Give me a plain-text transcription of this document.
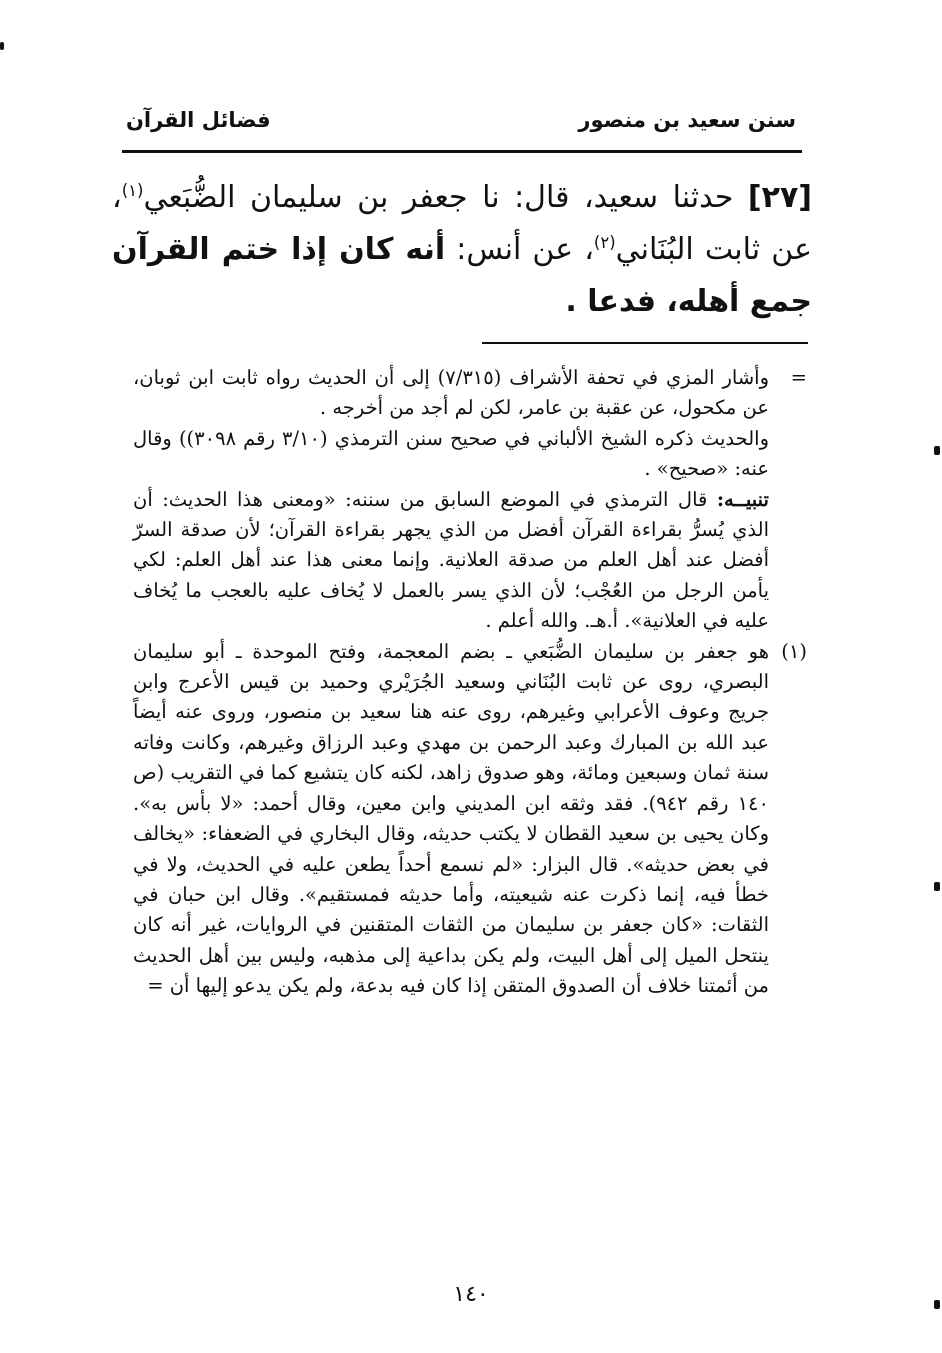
سنن سعيد بن منصور
فضائل القرآن
[٢٧] حدثنا سعيد، قال: نا جعفر بن سليمان الضُّبَعي$^{(١)}$، عن ثابت البُنَاني$^{(٢)}$، عن أنس: أنه كان إذا ختم القرآن جمع أهله، فدعا .
=

وأشار المزي في تحفة الأشراف (٧/٣١٥) إلى أن الحديث رواه ثابت ابن ثوبان، عن مكحول، عن عقبة بن عامر، لكن لم أجد من أخرجه .

والحديث ذكره الشيخ الألباني في صحيح سنن الترمذي (٣/١٠ رقم ٣٠٩٨)) وقال عنه: «صحيح» .

تنبيــه: قال الترمذي في الموضع السابق من سننه: «ومعنى هذا الحديث: أن الذي يُسرُّ بقراءة القرآن أفضل من الذي يجهر بقراءة القرآن؛ لأن صدقة السرّ أفضل عند أهل العلم من صدقة العلانية. وإنما معنى هذا عند أهل العلم: لكي يأمن الرجل من العُجْب؛ لأن الذي يسر بالعمل لا يُخاف عليه بالعجب ما يُخاف عليه في العلانية». أ.هـ. والله أعلم .

(١)

هو جعفر بن سليمان الضُّبَعي ـ بضم المعجمة، وفتح الموحدة ـ أبو سليمان البصري، روى عن ثابت البُنَاني وسعيد الجُرَيْري وحميد بن قيس الأعرج وابن جريج وعوف الأعرابي وغيرهم، روى عنه هنا سعيد بن منصور، وروى عنه أيضاً عبد الله بن المبارك وعبد الرحمن بن مهدي وعبد الرزاق وغيرهم، وكانت وفاته سنة ثمان وسبعين ومائة، وهو صدوق زاهد، لكنه كان يتشيع كما في التقريب (ص ١٤٠ رقم ٩٤٢). فقد وثقه ابن المديني وابن معين، وقال أحمد: «لا بأس به». وكان يحيى بن سعيد القطان لا يكتب حديثه، وقال البخاري في الضعفاء: «يخالف في بعض حديثه». قال البزار: «لم نسمع أحداً يطعن عليه في الحديث، ولا في خطأ فيه، إنما ذكرت عنه شيعيته، وأما حديثه فمستقيم». وقال ابن حبان في الثقات: «كان جعفر بن سليمان من الثقات المتقنين في الروايات، غير أنه كان ينتحل الميل إلى أهل البيت، ولم يكن بداعية إلى مذهبه، وليس بين أهل الحديث من أئمتنا خلاف أن الصدوق المتقن إذا كان فيه بدعة، ولم يكن يدعو إليها أن =

١٤٠
